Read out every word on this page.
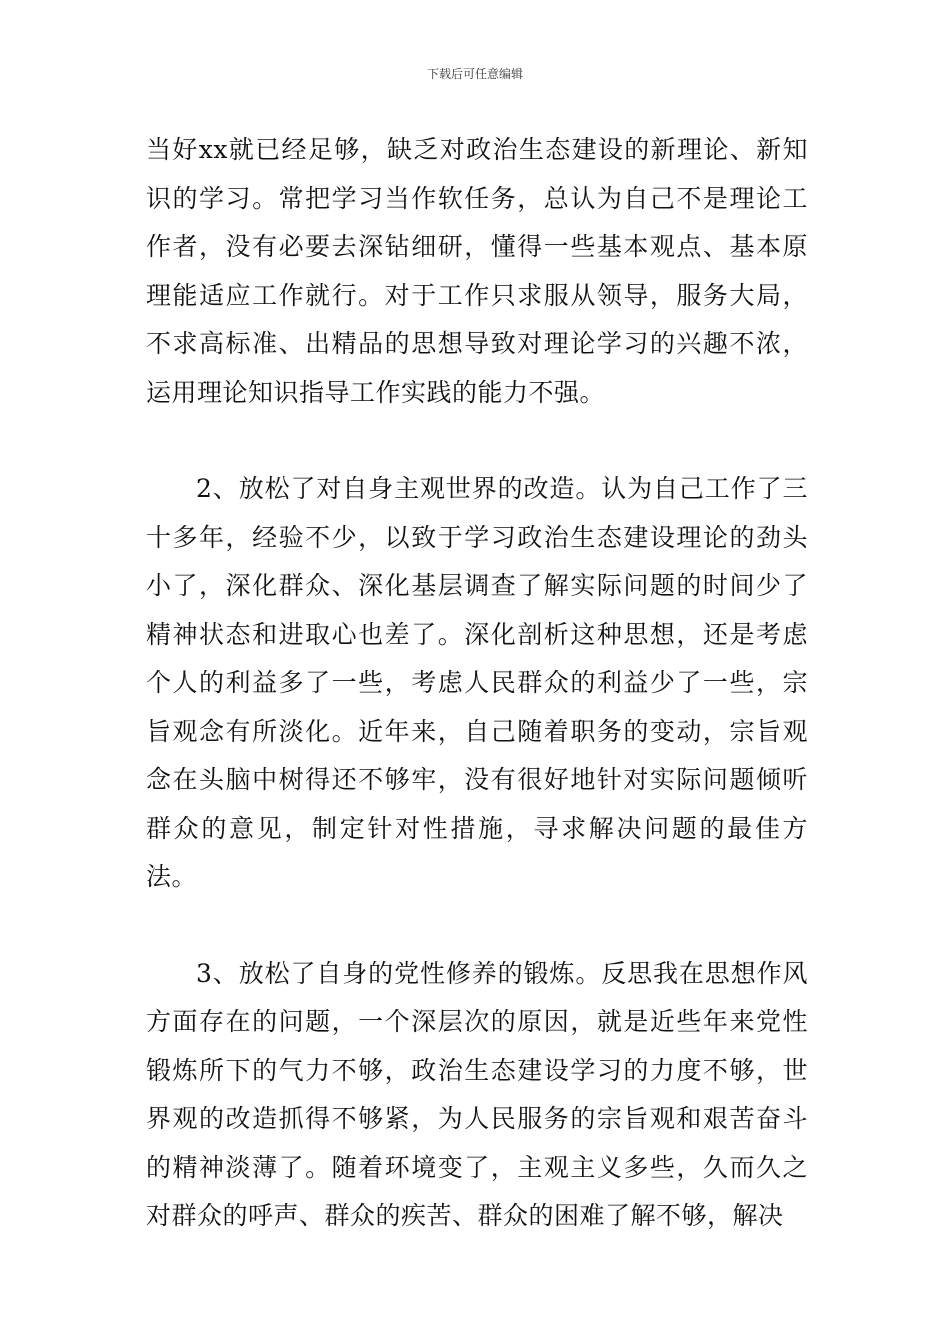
下载后可任意编辑

当好xx就已经足够，缺乏对政治生态建设的新理论、新知识的学习。常把学习当作软任务，总认为自己不是理论工作者，没有必要去深钻细研，懂得一些基本观点、基本原理能适应工作就行。对于工作只求服从领导，服务大局，不求高标准、出精品的思想导致对理论学习的兴趣不浓，运用理论知识指导工作实践的能力不强。

2、放松了对自身主观世界的改造。认为自己工作了三十多年，经验不少，以致于学习政治生态建设理论的劲头小了，深化群众、深化基层调查了解实际问题的时间少了精神状态和进取心也差了。深化剖析这种思想，还是考虑个人的利益多了一些，考虑人民群众的利益少了一些，宗旨观念有所淡化。近年来，自己随着职务的变动，宗旨观念在头脑中树得还不够牢，没有很好地针对实际问题倾听群众的意见，制定针对性措施，寻求解决问题的最佳方法。

3、放松了自身的党性修养的锻炼。反思我在思想作风方面存在的问题，一个深层次的原因，就是近些年来党性锻炼所下的气力不够，政治生态建设学习的力度不够，世界观的改造抓得不够紧，为人民服务的宗旨观和艰苦奋斗的精神淡薄了。随着环境变了，主观主义多些，久而久之对群众的呼声、群众的疾苦、群众的困难了解不够，解决
